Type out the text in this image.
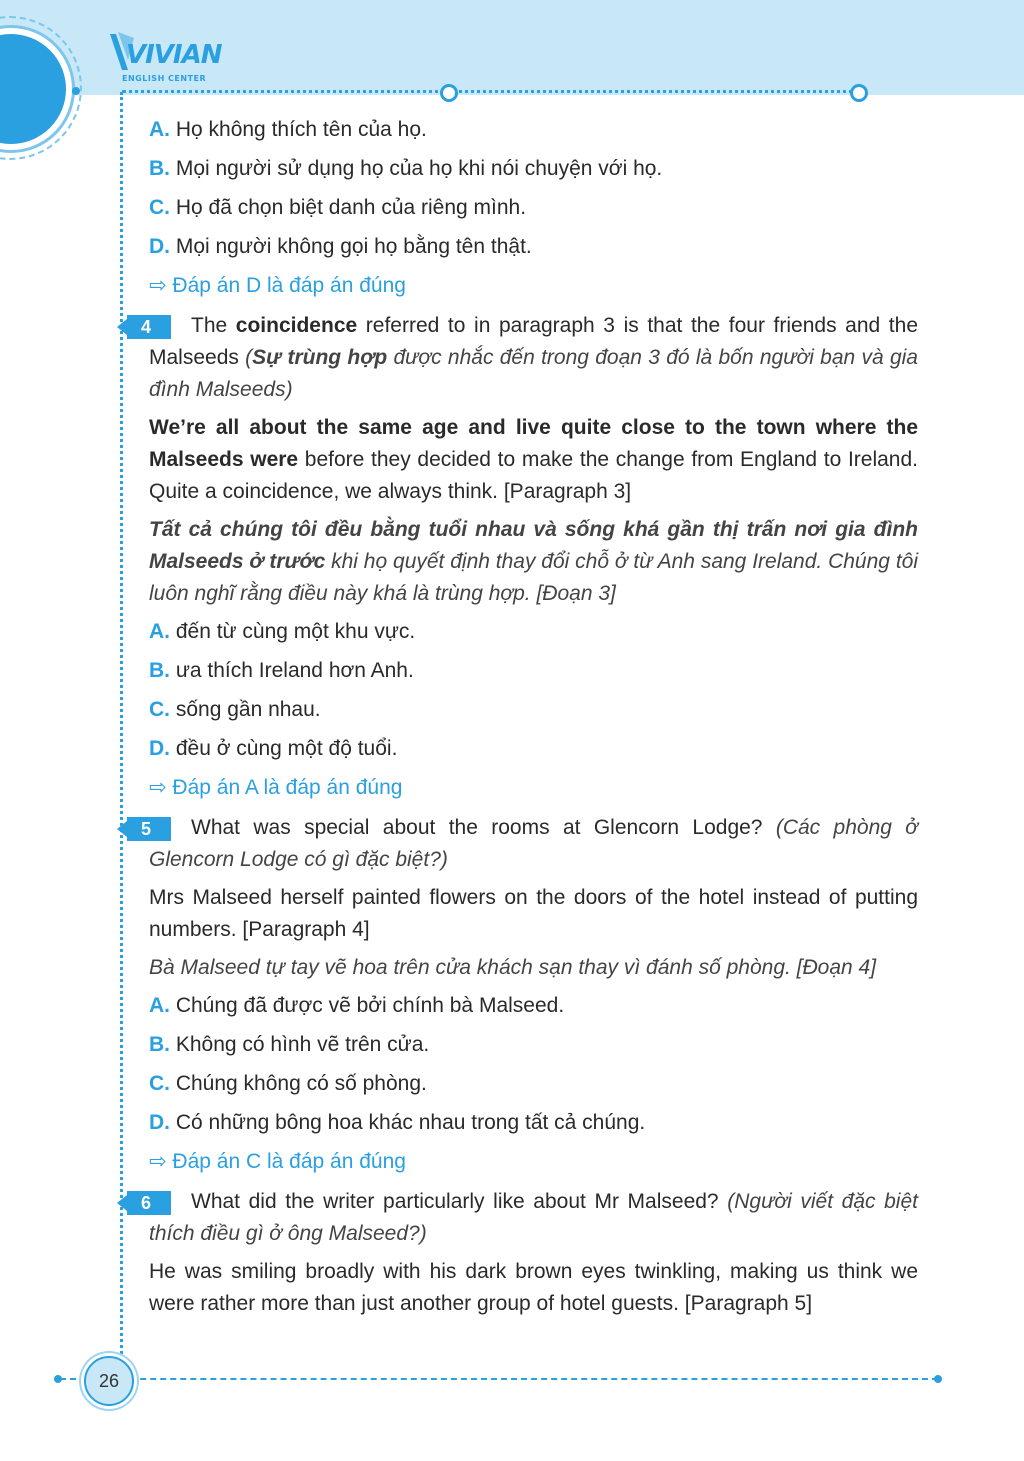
VIVIAN
ENGLISH CENTER
26
A. Họ không thích tên của họ.
B. Mọi người sử dụng họ của họ khi nói chuyện với họ.
C. Họ đã chọn biệt danh của riêng mình.
D. Mọi người không gọi họ bằng tên thật.
⇨ Đáp án D là đáp án đúng
4	The coincidence referred to in paragraph 3 is that the four friends and the Malseeds (Sự trùng hợp được nhắc đến trong đoạn 3 đó là bốn người bạn và gia đình Malseeds)
We’re all about the same age and live quite close to the town where the Malseeds were before they decided to make the change from England to Ireland. Quite a coincidence, we always think. [Paragraph 3]
Tất cả chúng tôi đều bằng tuổi nhau và sống khá gần thị trấn nơi gia đình Malseeds ở trước khi họ quyết định thay đổi chỗ ở từ Anh sang Ireland. Chúng tôi luôn nghĩ rằng điều này khá là trùng hợp. [Đoạn 3]
A. đến từ cùng một khu vực.
B. ưa thích Ireland hơn Anh.
C. sống gần nhau.
D. đều ở cùng một độ tuổi.
⇨ Đáp án A là đáp án đúng
5	What was special about the rooms at Glencorn Lodge? (Các phòng ở Glencorn Lodge có gì đặc biệt?)
Mrs Malseed herself painted flowers on the doors of the hotel instead of putting numbers. [Paragraph 4]
Bà Malseed tự tay vẽ hoa trên cửa khách sạn thay vì đánh số phòng. [Đoạn 4]
A. Chúng đã được vẽ bởi chính bà Malseed.
B. Không có hình vẽ trên cửa.
C. Chúng không có số phòng.
D. Có những bông hoa khác nhau trong tất cả chúng.
⇨ Đáp án C là đáp án đúng
6	What did the writer particularly like about Mr Malseed? (Người viết đặc biệt thích điều gì ở ông Malseed?)
He was smiling broadly with his dark brown eyes twinkling, making us think we were rather more than just another group of hotel guests. [Paragraph 5]
